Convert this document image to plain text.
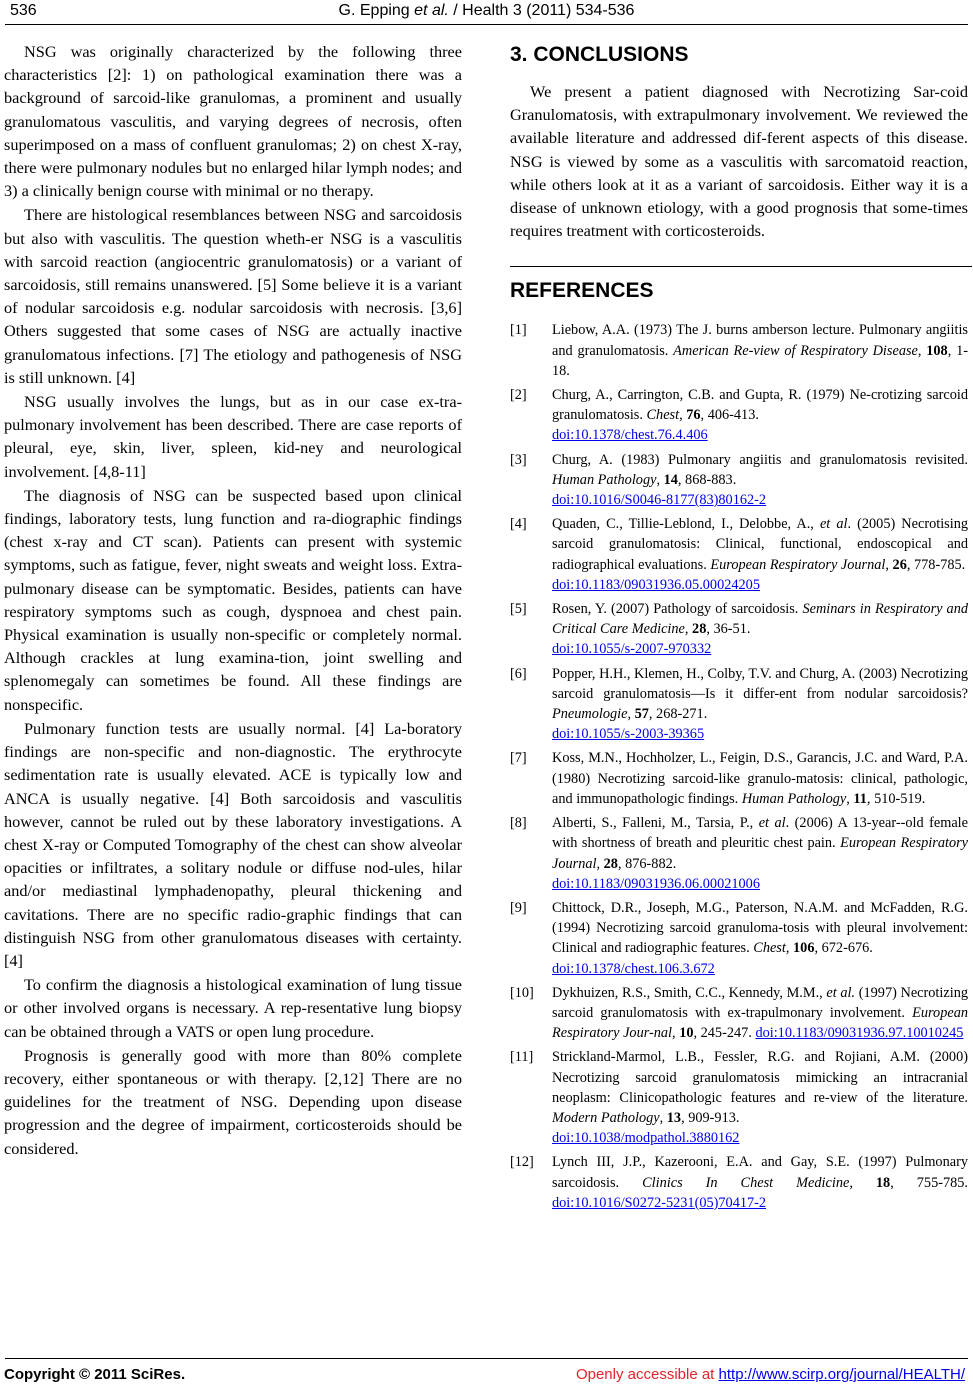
536	G. Epping et al. / Health 3 (2011) 534-536

NSG was originally characterized by the following three characteristics [2]: 1) on pathological examination there was a background of sarcoid-like granulomas, a prominent and usually granulomatous vasculitis, and varying degrees of necrosis, often superimposed on a mass of confluent granulomas; 2) on chest X-ray, there were pulmonary nodules but no enlarged hilar lymph nodes; and 3) a clinically benign course with minimal or no therapy.

There are histological resemblances between NSG and sarcoidosis but also with vasculitis. The question wheth-er NSG is a vasculitis with sarcoid reaction (angiocentric granulomatosis) or a variant of sarcoidosis, still remains unanswered. [5] Some believe it is a variant of nodular sarcoidosis e.g. nodular sarcoidosis with necrosis. [3,6] Others suggested that some cases of NSG are actually inactive granulomatous infections. [7] The etiology and pathogenesis of NSG is still unknown. [4]

NSG usually involves the lungs, but as in our case ex-tra-pulmonary involvement has been described. There are case reports of pleural, eye, skin, liver, spleen, kid-ney and neurological involvement. [4,8-11]

The diagnosis of NSG can be suspected based upon clinical findings, laboratory tests, lung function and ra-diographic findings (chest x-ray and CT scan). Patients can present with systemic symptoms, such as fatigue, fever, night sweats and weight loss. Extra-pulmonary disease can be symptomatic. Besides, patients can have respiratory symptoms such as cough, dyspnoea and chest pain. Physical examination is usually non-specific or completely normal. Although crackles at lung examina-tion, joint swelling and splenomegaly can sometimes be found. All these findings are nonspecific.

Pulmonary function tests are usually normal. [4] La-boratory findings are non-specific and non-diagnostic. The erythrocyte sedimentation rate is usually elevated. ACE is typically low and ANCA is usually negative. [4] Both sarcoidosis and vasculitis however, cannot be ruled out by these laboratory investigations. A chest X-ray or Computed Tomography of the chest can show alveolar opacities or infiltrates, a solitary nodule or diffuse nod-ules, hilar and/or mediastinal lymphadenopathy, pleural thickening and cavitations. There are no specific radio-graphic findings that can distinguish NSG from other granulomatous diseases with certainty. [4]

To confirm the diagnosis a histological examination of lung tissue or other involved organs is necessary. A rep-resentative lung biopsy can be obtained through a VATS or open lung procedure.

Prognosis is generally good with more than 80% complete recovery, either spontaneous or with therapy. [2,12] There are no guidelines for the treatment of NSG. Depending upon disease progression and the degree of impairment, corticosteroids should be considered.

3. CONCLUSIONS

We present a patient diagnosed with Necrotizing Sar-coid Granulomatosis, with extrapulmonary involvement. We reviewed the available literature and addressed dif-ferent aspects of this disease. NSG is viewed by some as a vasculitis with sarcomatoid reaction, while others look at it as a variant of sarcoidosis. Either way it is a disease of unknown etiology, with a good prognosis that some-times requires treatment with corticosteroids.

REFERENCES
[1] Liebow, A.A. (1973) The J. burns amberson lecture. Pulmonary angiitis and granulomatosis. American Re-view of Respiratory Disease, 108, 1-18.
[2] Churg, A., Carrington, C.B. and Gupta, R. (1979) Ne-crotizing sarcoid granulomatosis. Chest, 76, 406-413.
doi:10.1378/chest.76.4.406
[3] Churg, A. (1983) Pulmonary angiitis and granulomatosis revisited. Human Pathology, 14, 868-883.
doi:10.1016/S0046-8177(83)80162-2
[4] Quaden, C., Tillie-Leblond, I., Delobbe, A., et al. (2005) Necrotising sarcoid granulomatosis: Clinical, functional, endoscopical and radiographical evaluations. European Respiratory Journal, 26, 778-785.
doi:10.1183/09031936.05.00024205
[5] Rosen, Y. (2007) Pathology of sarcoidosis. Seminars in Respiratory and Critical Care Medicine, 28, 36-51.
doi:10.1055/s-2007-970332
[6] Popper, H.H., Klemen, H., Colby, T.V. and Churg, A. (2003) Necrotizing sarcoid granulomatosis—Is it differ-ent from nodular sarcoidosis? Pneumologie, 57, 268-271.
doi:10.1055/s-2003-39365
[7] Koss, M.N., Hochholzer, L., Feigin, D.S., Garancis, J.C. and Ward, P.A. (1980) Necrotizing sarcoid-like granulo-matosis: clinical, pathologic, and immunopathologic findings. Human Pathology, 11, 510-519.
[8] Alberti, S., Falleni, M., Tarsia, P., et al. (2006) A 13-year--old female with shortness of breath and pleuritic chest pain. European Respiratory Journal, 28, 876-882.
doi:10.1183/09031936.06.00021006
[9] Chittock, D.R., Joseph, M.G., Paterson, N.A.M. and McFadden, R.G. (1994) Necrotizing sarcoid granuloma-tosis with pleural involvement: Clinical and radiographic features. Chest, 106, 672-676.
doi:10.1378/chest.106.3.672
[10] Dykhuizen, R.S., Smith, C.C., Kennedy, M.M., et al. (1997) Necrotizing sarcoid granulomatosis with ex-trapulmonary involvement. European Respiratory Jour-nal, 10, 245-247. doi:10.1183/09031936.97.10010245
[11] Strickland-Marmol, L.B., Fessler, R.G. and Rojiani, A.M. (2000) Necrotizing sarcoid granulomatosis mimicking an intracranial neoplasm: Clinicopathologic features and re-view of the literature. Modern Pathology, 13, 909-913.
doi:10.1038/modpathol.3880162
[12] Lynch III, J.P., Kazerooni, E.A. and Gay, S.E. (1997) Pulmonary sarcoidosis. Clinics In Chest Medicine, 18, 755-785. doi:10.1016/S0272-5231(05)70417-2
Copyright © 2011 SciRes.	Openly accessible at http://www.scirp.org/journal/HEALTH/
